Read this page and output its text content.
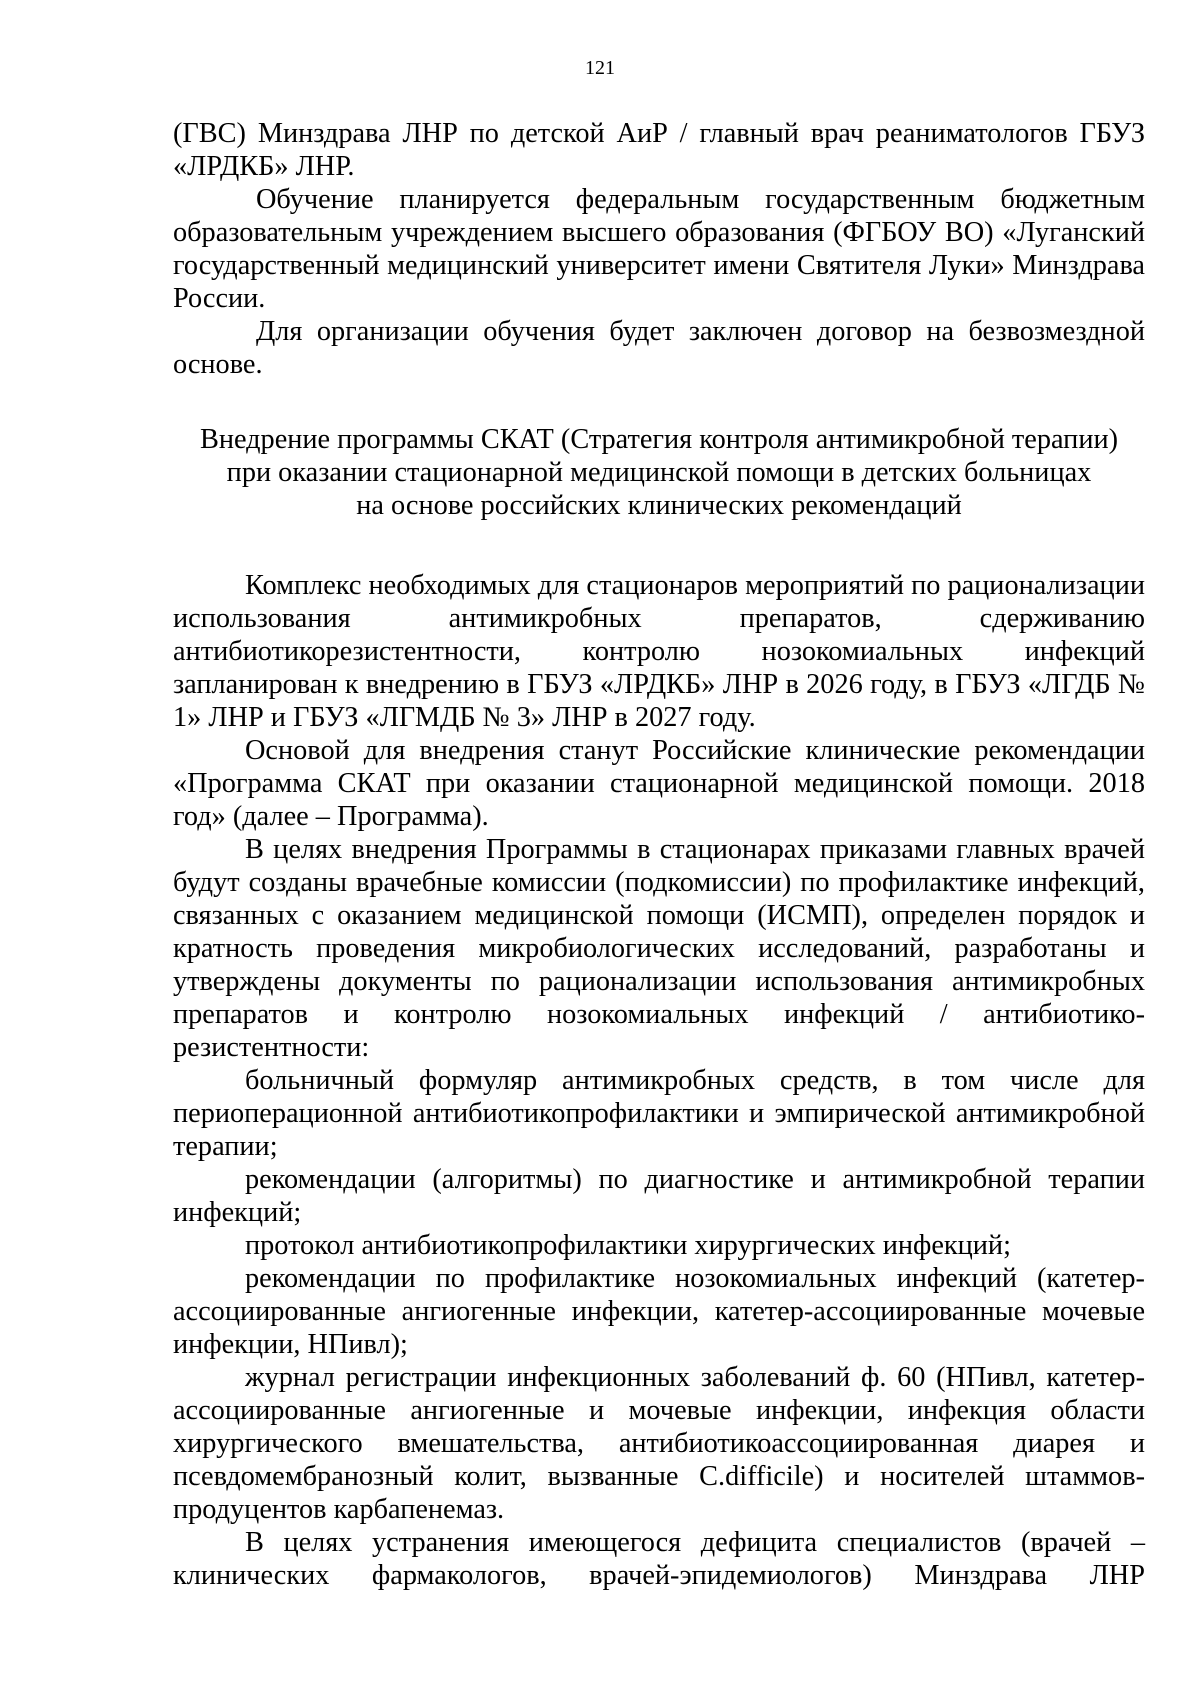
121

(ГВС) Минздрава ЛНР по детской АиР / главный врач реаниматологов ГБУЗ «ЛРДКБ» ЛНР.

Обучение планируется федеральным государственным бюджетным образовательным учреждением высшего образования (ФГБОУ ВО) «Луганский государственный медицинский университет имени Святителя Луки» Минздрава России.

Для организации обучения будет заключен договор на безвозмездной основе.

Внедрение программы СКАТ (Стратегия контроля антимикробной терапии)
при оказании стационарной медицинской помощи в детских больницах
на основе российских клинических рекомендаций

Комплекс необходимых для стационаров мероприятий по рационализации использования антимикробных препаратов, сдерживанию антибиотикорезистентности, контролю нозокомиальных инфекций запланирован к внедрению в ГБУЗ «ЛРДКБ» ЛНР в 2026 году, в ГБУЗ «ЛГДБ № 1» ЛНР и ГБУЗ «ЛГМДБ № 3» ЛНР в 2027 году.

Основой для внедрения станут Российские клинические рекомендации «Программа СКАТ при оказании стационарной медицинской помощи. 2018 год» (далее – Программа).

В целях внедрения Программы в стационарах приказами главных врачей будут созданы врачебные комиссии (подкомиссии) по профилактике инфекций, связанных с оказанием медицинской помощи (ИСМП), определен порядок и кратность проведения микробиологических исследований, разработаны и утверждены документы по рационализации использования антимикробных препаратов и контролю нозокомиальных инфекций / антибиотико-резистентности:

больничный формуляр антимикробных средств, в том числе для периоперационной антибиотикопрофилактики и эмпирической антимикробной терапии;

рекомендации (алгоритмы) по диагностике и антимикробной терапии инфекций;

протокол антибиотикопрофилактики хирургических инфекций;

рекомендации по профилактике нозокомиальных инфекций (катетер-ассоциированные ангиогенные инфекции, катетер-ассоциированные мочевые инфекции, НПивл);

журнал регистрации инфекционных заболеваний ф. 60 (НПивл, катетер-ассоциированные ангиогенные и мочевые инфекции, инфекция области хирургического вмешательства, антибиотикоассоциированная диарея и псевдомембранозный колит, вызванные C.difficile) и носителей штаммов-продуцентов карбапенемаз.

В целях устранения имеющегося дефицита специалистов (врачей – клинических фармакологов, врачей-эпидемиологов) Минздрава ЛНР
